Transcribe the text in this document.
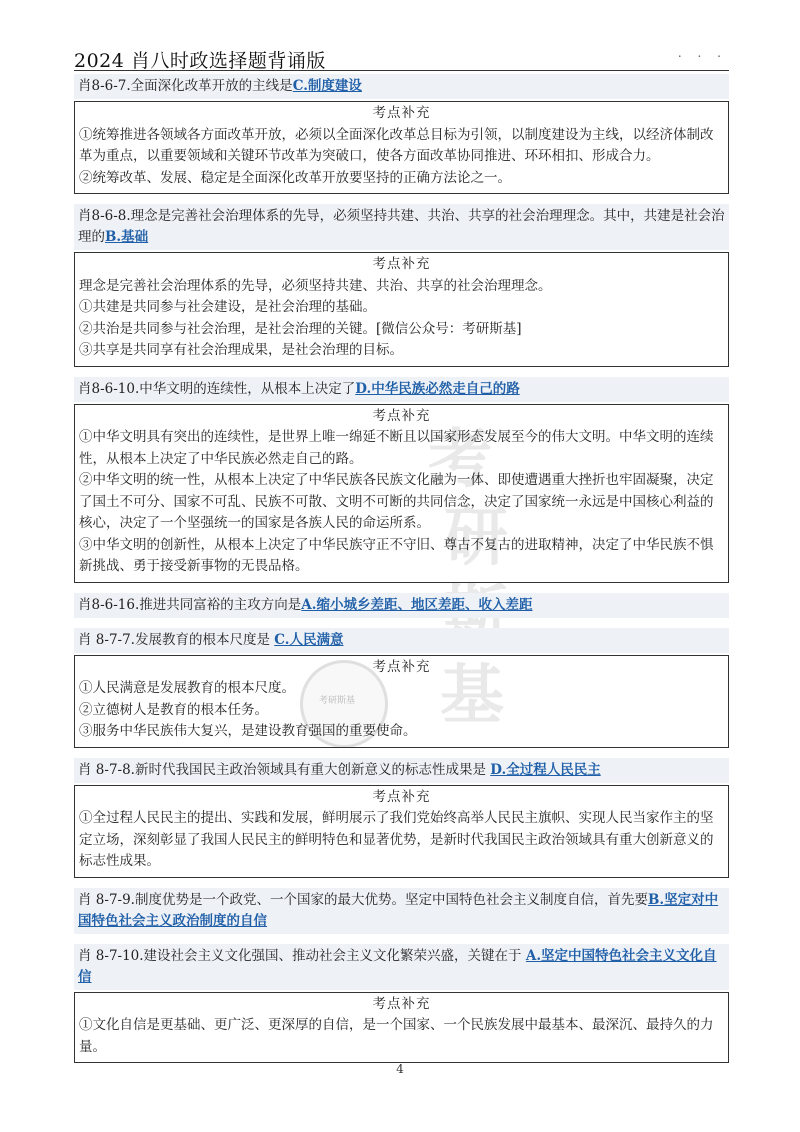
2024 肖八时政选择题背诵版	. . .
考
研
基
考研斯基
肖8-6-7.全面深化改革开放的主线是C.制度建设
考点补充

①统筹推进各领域各方面改革开放，必须以全面深化改革总目标为引领，以制度建设为主线，以经济体制改革为重点，以重要领域和关键环节改革为突破口，使各方面改革协同推进、环环相扣、形成合力。

②统筹改革、发展、稳定是全面深化改革开放要坚持的正确方法论之一。

肖8-6-8.理念是完善社会治理体系的先导，必须坚持共建、共治、共享的社会治理理念。其中，共建是社会治理的B.基础
考点补充

理念是完善社会治理体系的先导，必须坚持共建、共治、共享的社会治理理念。

①共建是共同参与社会建设，是社会治理的基础。

②共治是共同参与社会治理，是社会治理的关键。[微信公众号：考研斯基]

③共享是共同享有社会治理成果，是社会治理的目标。

肖8-6-10.中华文明的连续性，从根本上决定了D.中华民族必然走自己的路
考点补充

①中华文明具有突出的连续性，是世界上唯一绵延不断且以国家形态发展至今的伟大文明。中华文明的连续性，从根本上决定了中华民族必然走自己的路。

②中华文明的统一性，从根本上决定了中华民族各民族文化融为一体、即使遭遇重大挫折也牢固凝聚，决定了国土不可分、国家不可乱、民族不可散、文明不可断的共同信念，决定了国家统一永远是中国核心利益的核心，决定了一个坚强统一的国家是各族人民的命运所系。

③中华文明的创新性，从根本上决定了中华民族守正不守旧、尊古不复古的进取精神，决定了中华民族不惧新挑战、勇于接受新事物的无畏品格。

肖8-6-16.推进共同富裕的主攻方向是A.缩小城乡差距、地区差距、收入差距
肖 8-7-7.发展教育的根本尺度是 C.人民满意
考点补充

①人民满意是发展教育的根本尺度。

②立德树人是教育的根本任务。

③服务中华民族伟大复兴，是建设教育强国的重要使命。

肖 8-7-8.新时代我国民主政治领域具有重大创新意义的标志性成果是 D.全过程人民民主
考点补充

①全过程人民民主的提出、实践和发展，鲜明展示了我们党始终高举人民民主旗帜、实现人民当家作主的坚定立场，深刻彰显了我国人民民主的鲜明特色和显著优势，是新时代我国民主政治领域具有重大创新意义的标志性成果。

肖 8-7-9.制度优势是一个政党、一个国家的最大优势。坚定中国特色社会主义制度自信，首先要B.坚定对中国特色社会主义政治制度的自信
肖 8-7-10.建设社会主义文化强国、推动社会主义文化繁荣兴盛，关键在于 A.坚定中国特色社会主义文化自信
考点补充

①文化自信是更基础、更广泛、更深厚的自信，是一个国家、一个民族发展中最基本、最深沉、最持久的力量。

4
